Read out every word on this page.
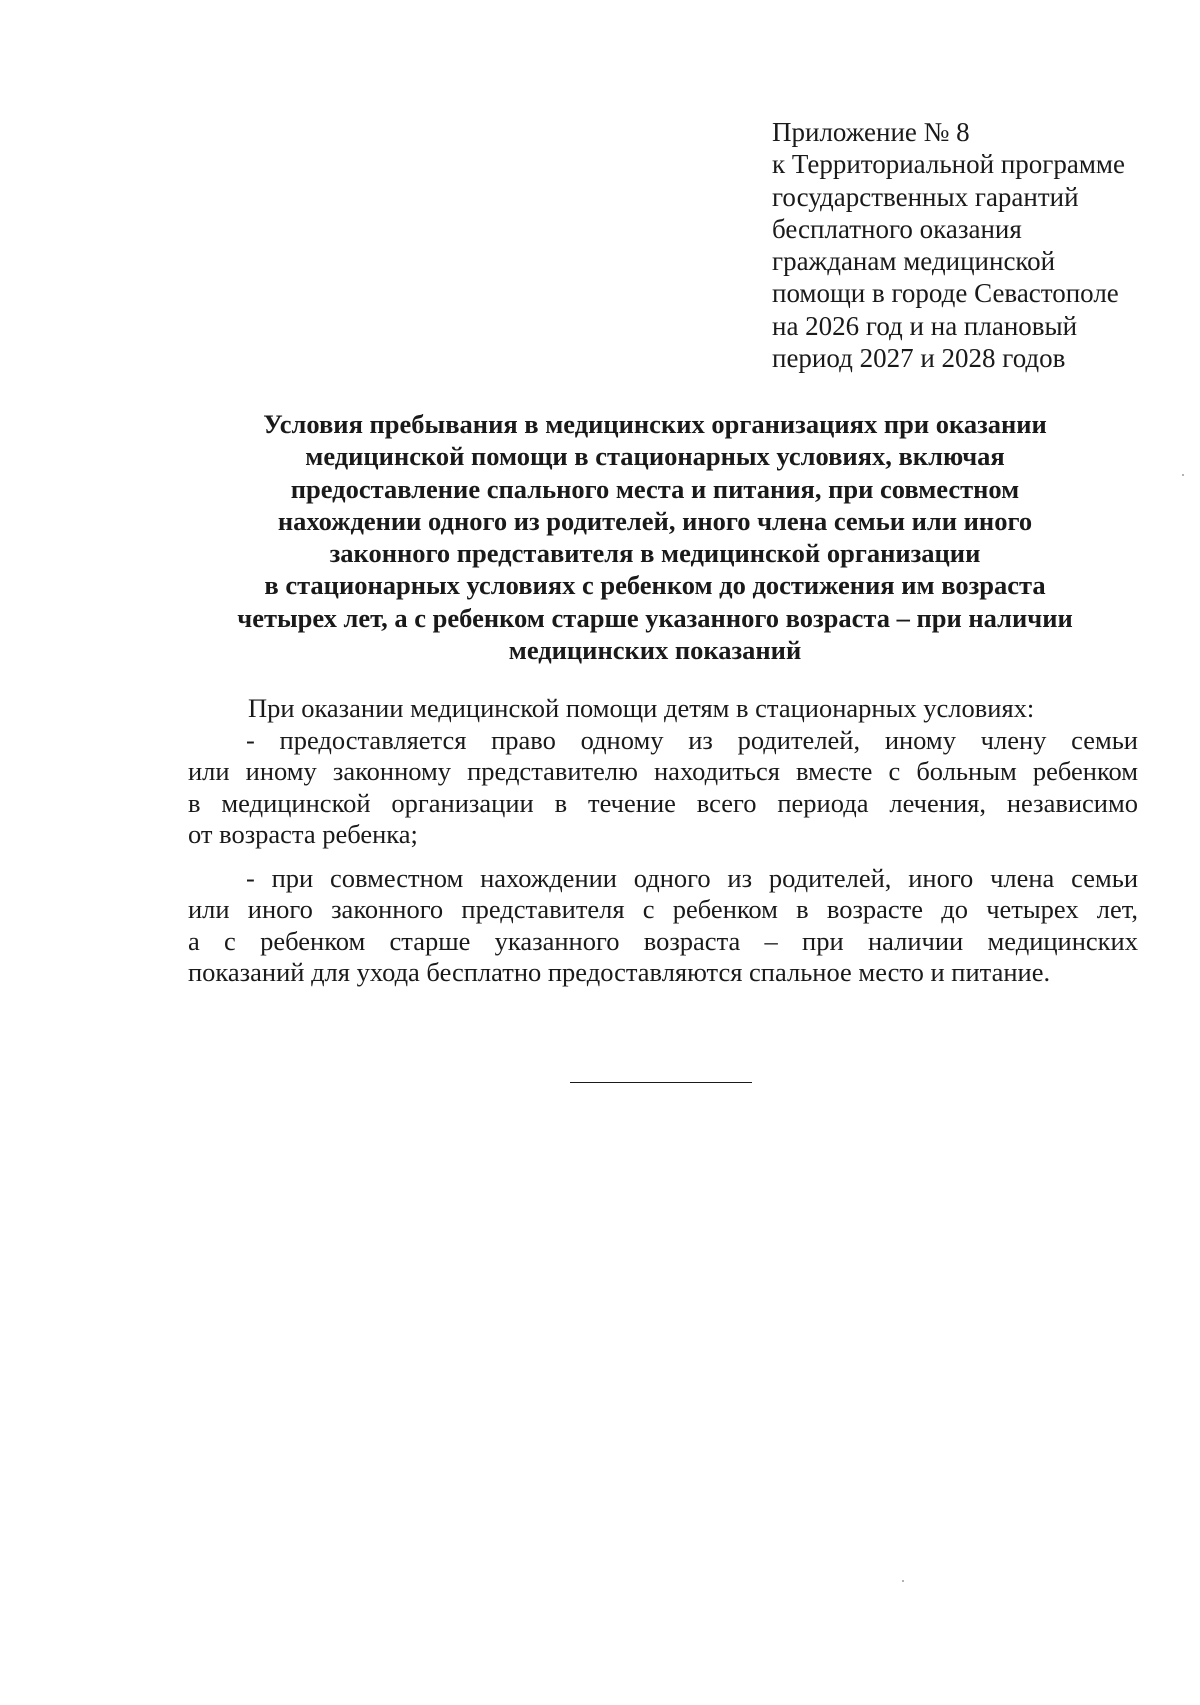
Приложение № 8
к Территориальной программе
государственных гарантий
бесплатного оказания
гражданам медицинской
помощи в городе Севастополе
на 2026 год и на плановый
период 2027 и 2028 годов
Условия пребывания в медицинских организациях при оказании
медицинской помощи в стационарных условиях, включая
предоставление спального места и питания, при совместном
нахождении одного из родителей, иного члена семьи или иного
законного представителя в медицинской организации
в стационарных условиях с ребенком до достижения им возраста
четырех лет, а с ребенком старше указанного возраста – при наличии
медицинских показаний
При оказании медицинской помощи детям в стационарных условиях:
- предоставляется право одному из родителей, иному члену семьи
или иному законному представителю находиться вместе с больным ребенком
в медицинской организации в течение всего периода лечения, независимо
от возраста ребенка;
- при совместном нахождении одного из родителей, иного члена семьи
или иного законного представителя с ребенком в возрасте до четырех лет,
а с ребенком старше указанного возраста – при наличии медицинских
показаний для ухода бесплатно предоставляются спальное место и питание.
